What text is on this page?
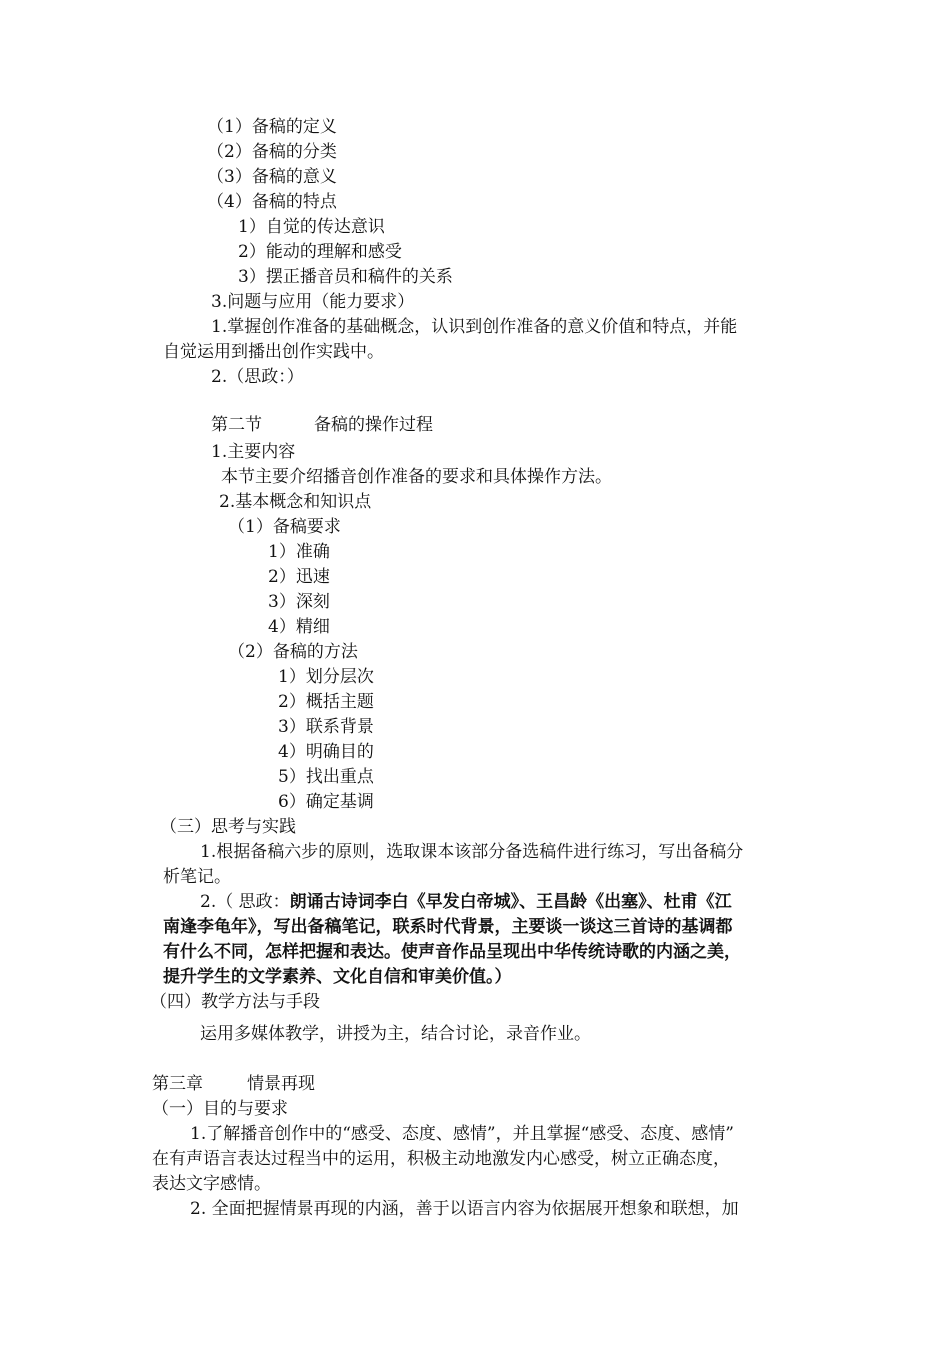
（1）备稿的定义
（2）备稿的分类
（3）备稿的意义
（4）备稿的特点
1）自觉的传达意识
2）能动的理解和感受
3）摆正播音员和稿件的关系
3.问题与应用（能力要求）
1.掌握创作准备的基础概念，认识到创作准备的意义价值和特点，并能
自觉运用到播出创作实践中。
2.（思政：）
第二节	备稿的操作过程
1.主要内容
本节主要介绍播音创作准备的要求和具体操作方法。
2.基本概念和知识点
（1）备稿要求
1）准确
2）迅速
3）深刻
4）精细
（2）备稿的方法
1）划分层次
2）概括主题
3）联系背景
4）明确目的
5）找出重点
6）确定基调
（三）思考与实践
1.根据备稿六步的原则，选取课本该部分备选稿件进行练习，写出备稿分
析笔记。
2.（ 思政：朗诵古诗词李白《早发白帝城》、王昌龄《出塞》、杜甫《江
南逢李龟年》，写出备稿笔记，联系时代背景，主要谈一谈这三首诗的基调都
有什么不同，怎样把握和表达。使声音作品呈现出中华传统诗歌的内涵之美，
提升学生的文学素养、文化自信和审美价值。）
（四）教学方法与手段
运用多媒体教学，讲授为主，结合讨论，录音作业。
第三章	情景再现
（一）目的与要求
1.了解播音创作中的“感受、态度、感情”，并且掌握“感受、态度、感情”
在有声语言表达过程当中的运用，积极主动地激发内心感受，树立正确态度，
表达文字感情。
2. 全面把握情景再现的内涵，善于以语言内容为依据展开想象和联想，加
